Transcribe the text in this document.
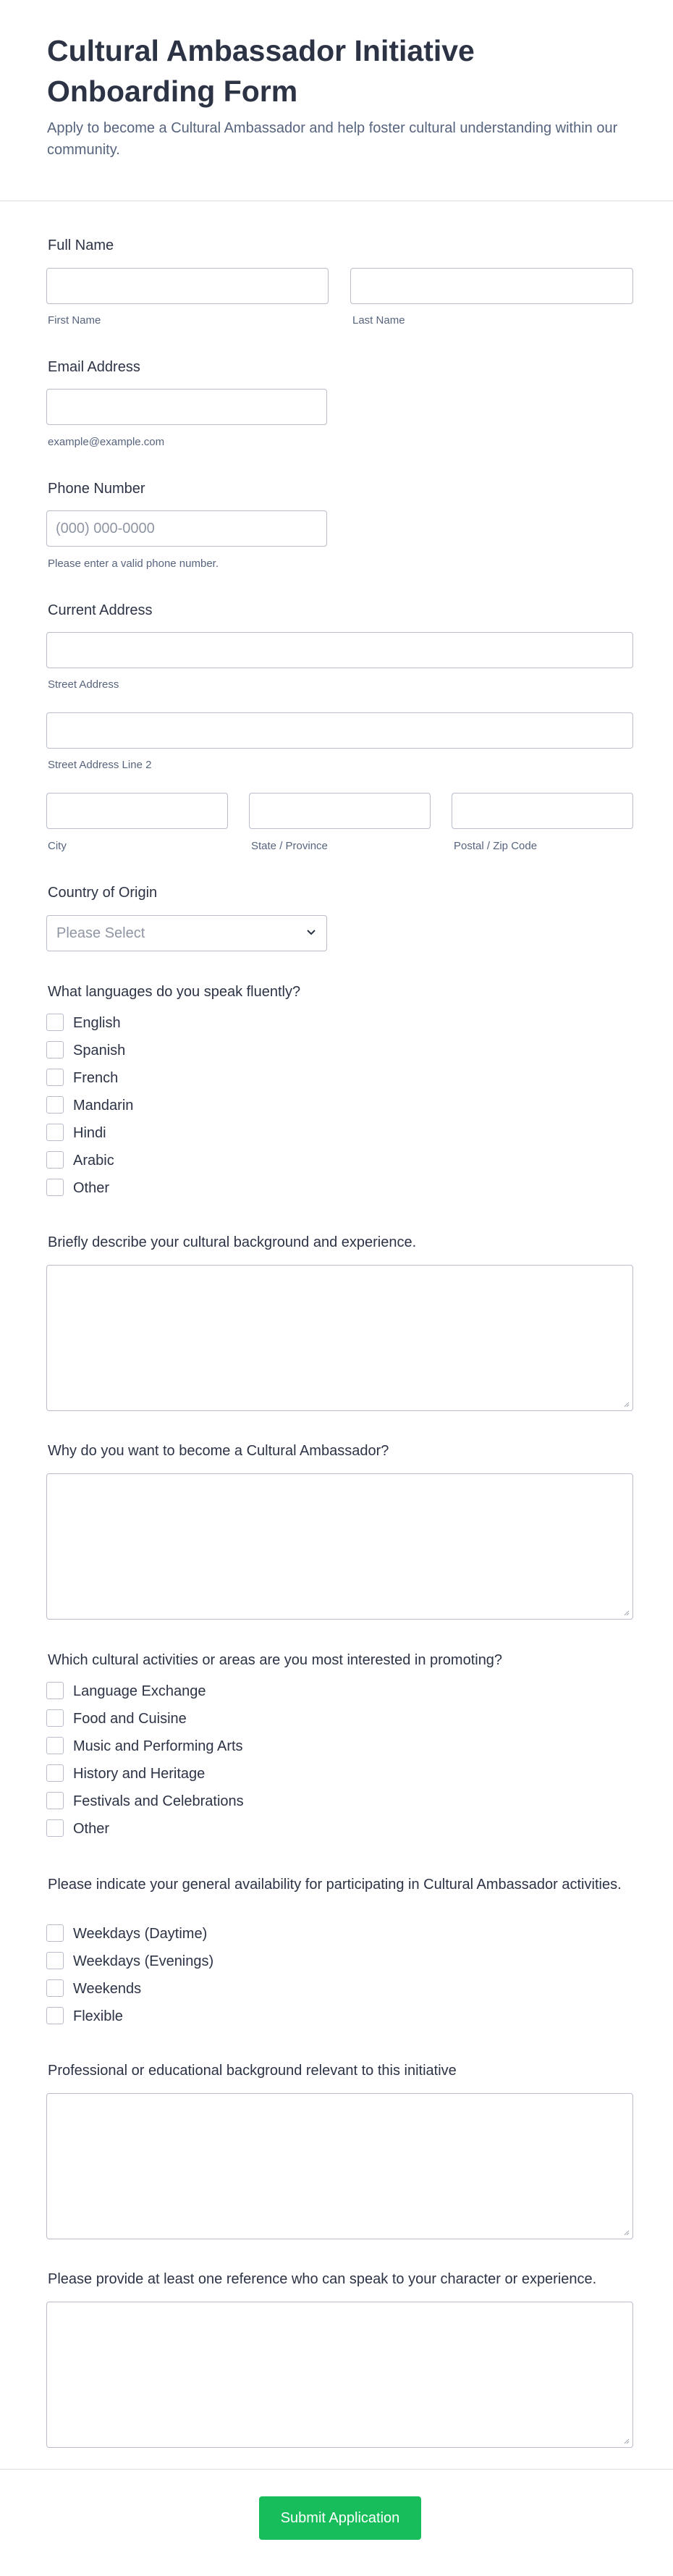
Cultural Ambassador Initiative Onboarding Form
Apply to become a Cultural Ambassador and help foster cultural understanding within our community.
Full Name
First Name	Last Name
Email Address
example@example.com
Phone Number
(000) 000-0000
Please enter a valid phone number.
Current Address
Street Address
Street Address Line 2
City	State / Province	Postal / Zip Code
Country of Origin
Please Select
What languages do you speak fluently?
English
Spanish
French
Mandarin
Hindi
Arabic
Other
Briefly describe your cultural background and experience.
Why do you want to become a Cultural Ambassador?
Which cultural activities or areas are you most interested in promoting?
Language Exchange
Food and Cuisine
Music and Performing Arts
History and Heritage
Festivals and Celebrations
Other
Please indicate your general availability for participating in Cultural Ambassador activities.
Weekdays (Daytime)
Weekdays (Evenings)
Weekends
Flexible
Professional or educational background relevant to this initiative
Please provide at least one reference who can speak to your character or experience.
Submit Application
